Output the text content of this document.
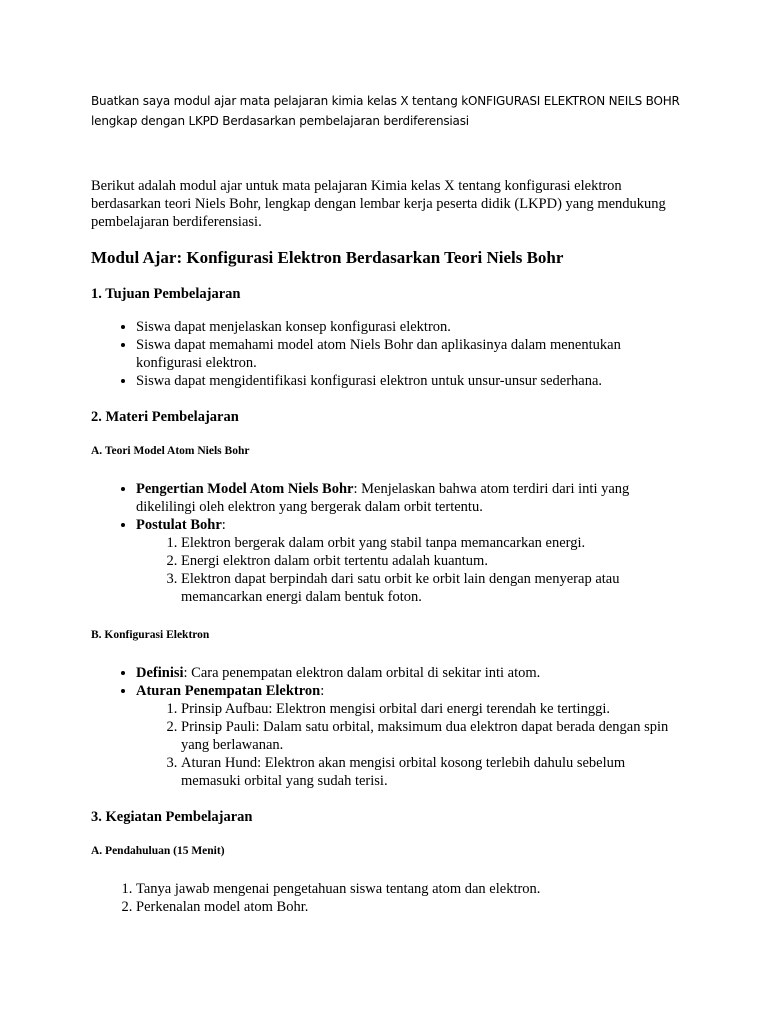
Buatkan saya modul ajar mata pelajaran kimia kelas X tentang kONFIGURASI ELEKTRON NEILS BOHR

lengkap dengan LKPD Berdasarkan pembelajaran berdiferensiasi

Berikut adalah modul ajar untuk mata pelajaran Kimia kelas X tentang konfigurasi elektron berdasarkan teori Niels Bohr, lengkap dengan lembar kerja peserta didik (LKPD) yang mendukung pembelajaran berdiferensiasi.

Modul Ajar: Konfigurasi Elektron Berdasarkan Teori Niels Bohr
1. Tujuan Pembelajaran
• Siswa dapat menjelaskan konsep konfigurasi elektron.
• Siswa dapat memahami model atom Niels Bohr dan aplikasinya dalam menentukan konfigurasi elektron.
• Siswa dapat mengidentifikasi konfigurasi elektron untuk unsur-unsur sederhana.
2. Materi Pembelajaran
A. Teori Model Atom Niels Bohr
• Pengertian Model Atom Niels Bohr: Menjelaskan bahwa atom terdiri dari inti yang dikelilingi oleh elektron yang bergerak dalam orbit tertentu.
• Postulat Bohr:
1. Elektron bergerak dalam orbit yang stabil tanpa memancarkan energi.
2. Energi elektron dalam orbit tertentu adalah kuantum.
3. Elektron dapat berpindah dari satu orbit ke orbit lain dengan menyerap atau memancarkan energi dalam bentuk foton.
B. Konfigurasi Elektron
• Definisi: Cara penempatan elektron dalam orbital di sekitar inti atom.
• Aturan Penempatan Elektron:
1. Prinsip Aufbau: Elektron mengisi orbital dari energi terendah ke tertinggi.
2. Prinsip Pauli: Dalam satu orbital, maksimum dua elektron dapat berada dengan spin yang berlawanan.
3. Aturan Hund: Elektron akan mengisi orbital kosong terlebih dahulu sebelum memasuki orbital yang sudah terisi.
3. Kegiatan Pembelajaran
A. Pendahuluan (15 Menit)
1. Tanya jawab mengenai pengetahuan siswa tentang atom dan elektron.
2. Perkenalan model atom Bohr.
